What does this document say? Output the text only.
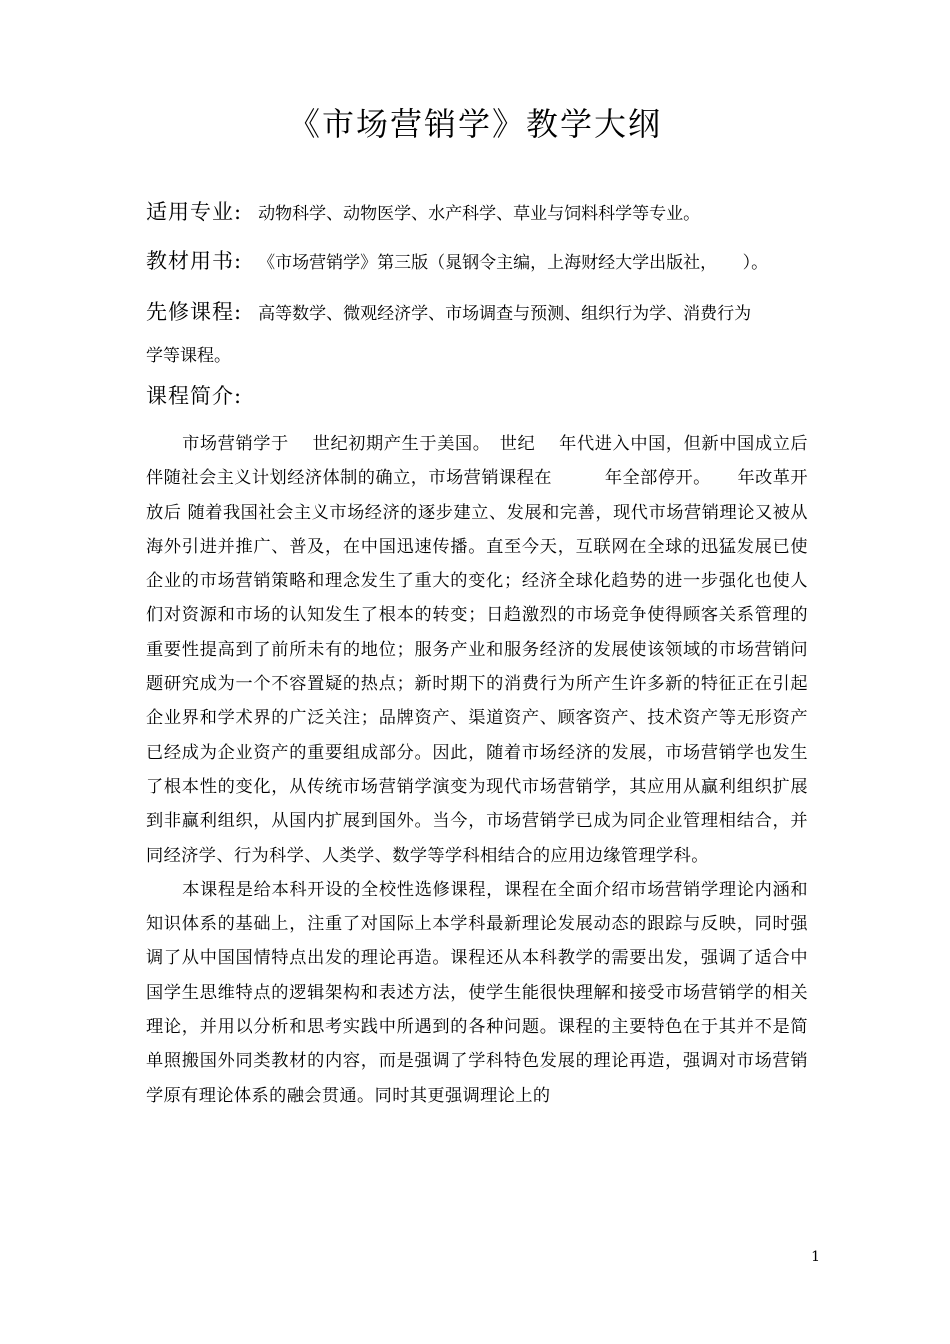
《市场营销学》教学大纲
适用专业: 动物科学、动物医学、水产科学、草业与饲料科学等专业。
教材用书: 《市场营销学》第三版（晁钢令主编，上海财经大学出版社，　　）。
先修课程: 高等数学、微观经济学、市场调查与预测、组织行为学、消费行为
学等课程。
课程简介:

市场营销学于　 世纪初期产生于美国。　世纪　 年代进入中国，但新中国成立后 伴随社会主义计划经济体制的确立，市场营销课程在　　　年全部停开。　　年改革开放后 随着我国社会主义市场经济的逐步建立、发展和完善，现代市场营销理论又被从海外引进并推广、普及，在中国迅速传播。直至今天，互联网在全球的迅猛发展已使企业的市场营销策略和理念发生了重大的变化；经济全球化趋势的进一步强化也使人们对资源和市场的认知发生了根本的转变；日趋激烈的市场竞争使得顾客关系管理的重要性提高到了前所未有的地位；服务产业和服务经济的发展使该领域的市场营销问题研究成为一个不容置疑的热点；新时期下的消费行为所产生许多新的特征正在引起企业界和学术界的广泛关注；品牌资产、渠道资产、顾客资产、技术资产等无形资产已经成为企业资产的重要组成部分。因此，随着市场经济的发展，市场营销学也发生了根本性的变化，从传统市场营销学演变为现代市场营销学，其应用从赢利组织扩展到非赢利组织，从国内扩展到国外。当今，市场营销学已成为同企业管理相结合，并同经济学、行为科学、人类学、数学等学科相结合的应用边缘管理学科。

本课程是给本科开设的全校性选修课程，课程在全面介绍市场营销学理论内涵和知识体系的基础上，注重了对国际上本学科最新理论发展动态的跟踪与反映，同时强调了从中国国情特点出发的理论再造。课程还从本科教学的需要出发，强调了适合中国学生思维特点的逻辑架构和表述方法，使学生能很快理解和接受市场营销学的相关理论，并用以分析和思考实践中所遇到的各种问题。课程的主要特色在于其并不是简单照搬国外同类教材的内容，而是强调了学科特色发展的理论再造，强调对市场营销学原有理论体系的融会贯通。同时其更强调理论上的

1
